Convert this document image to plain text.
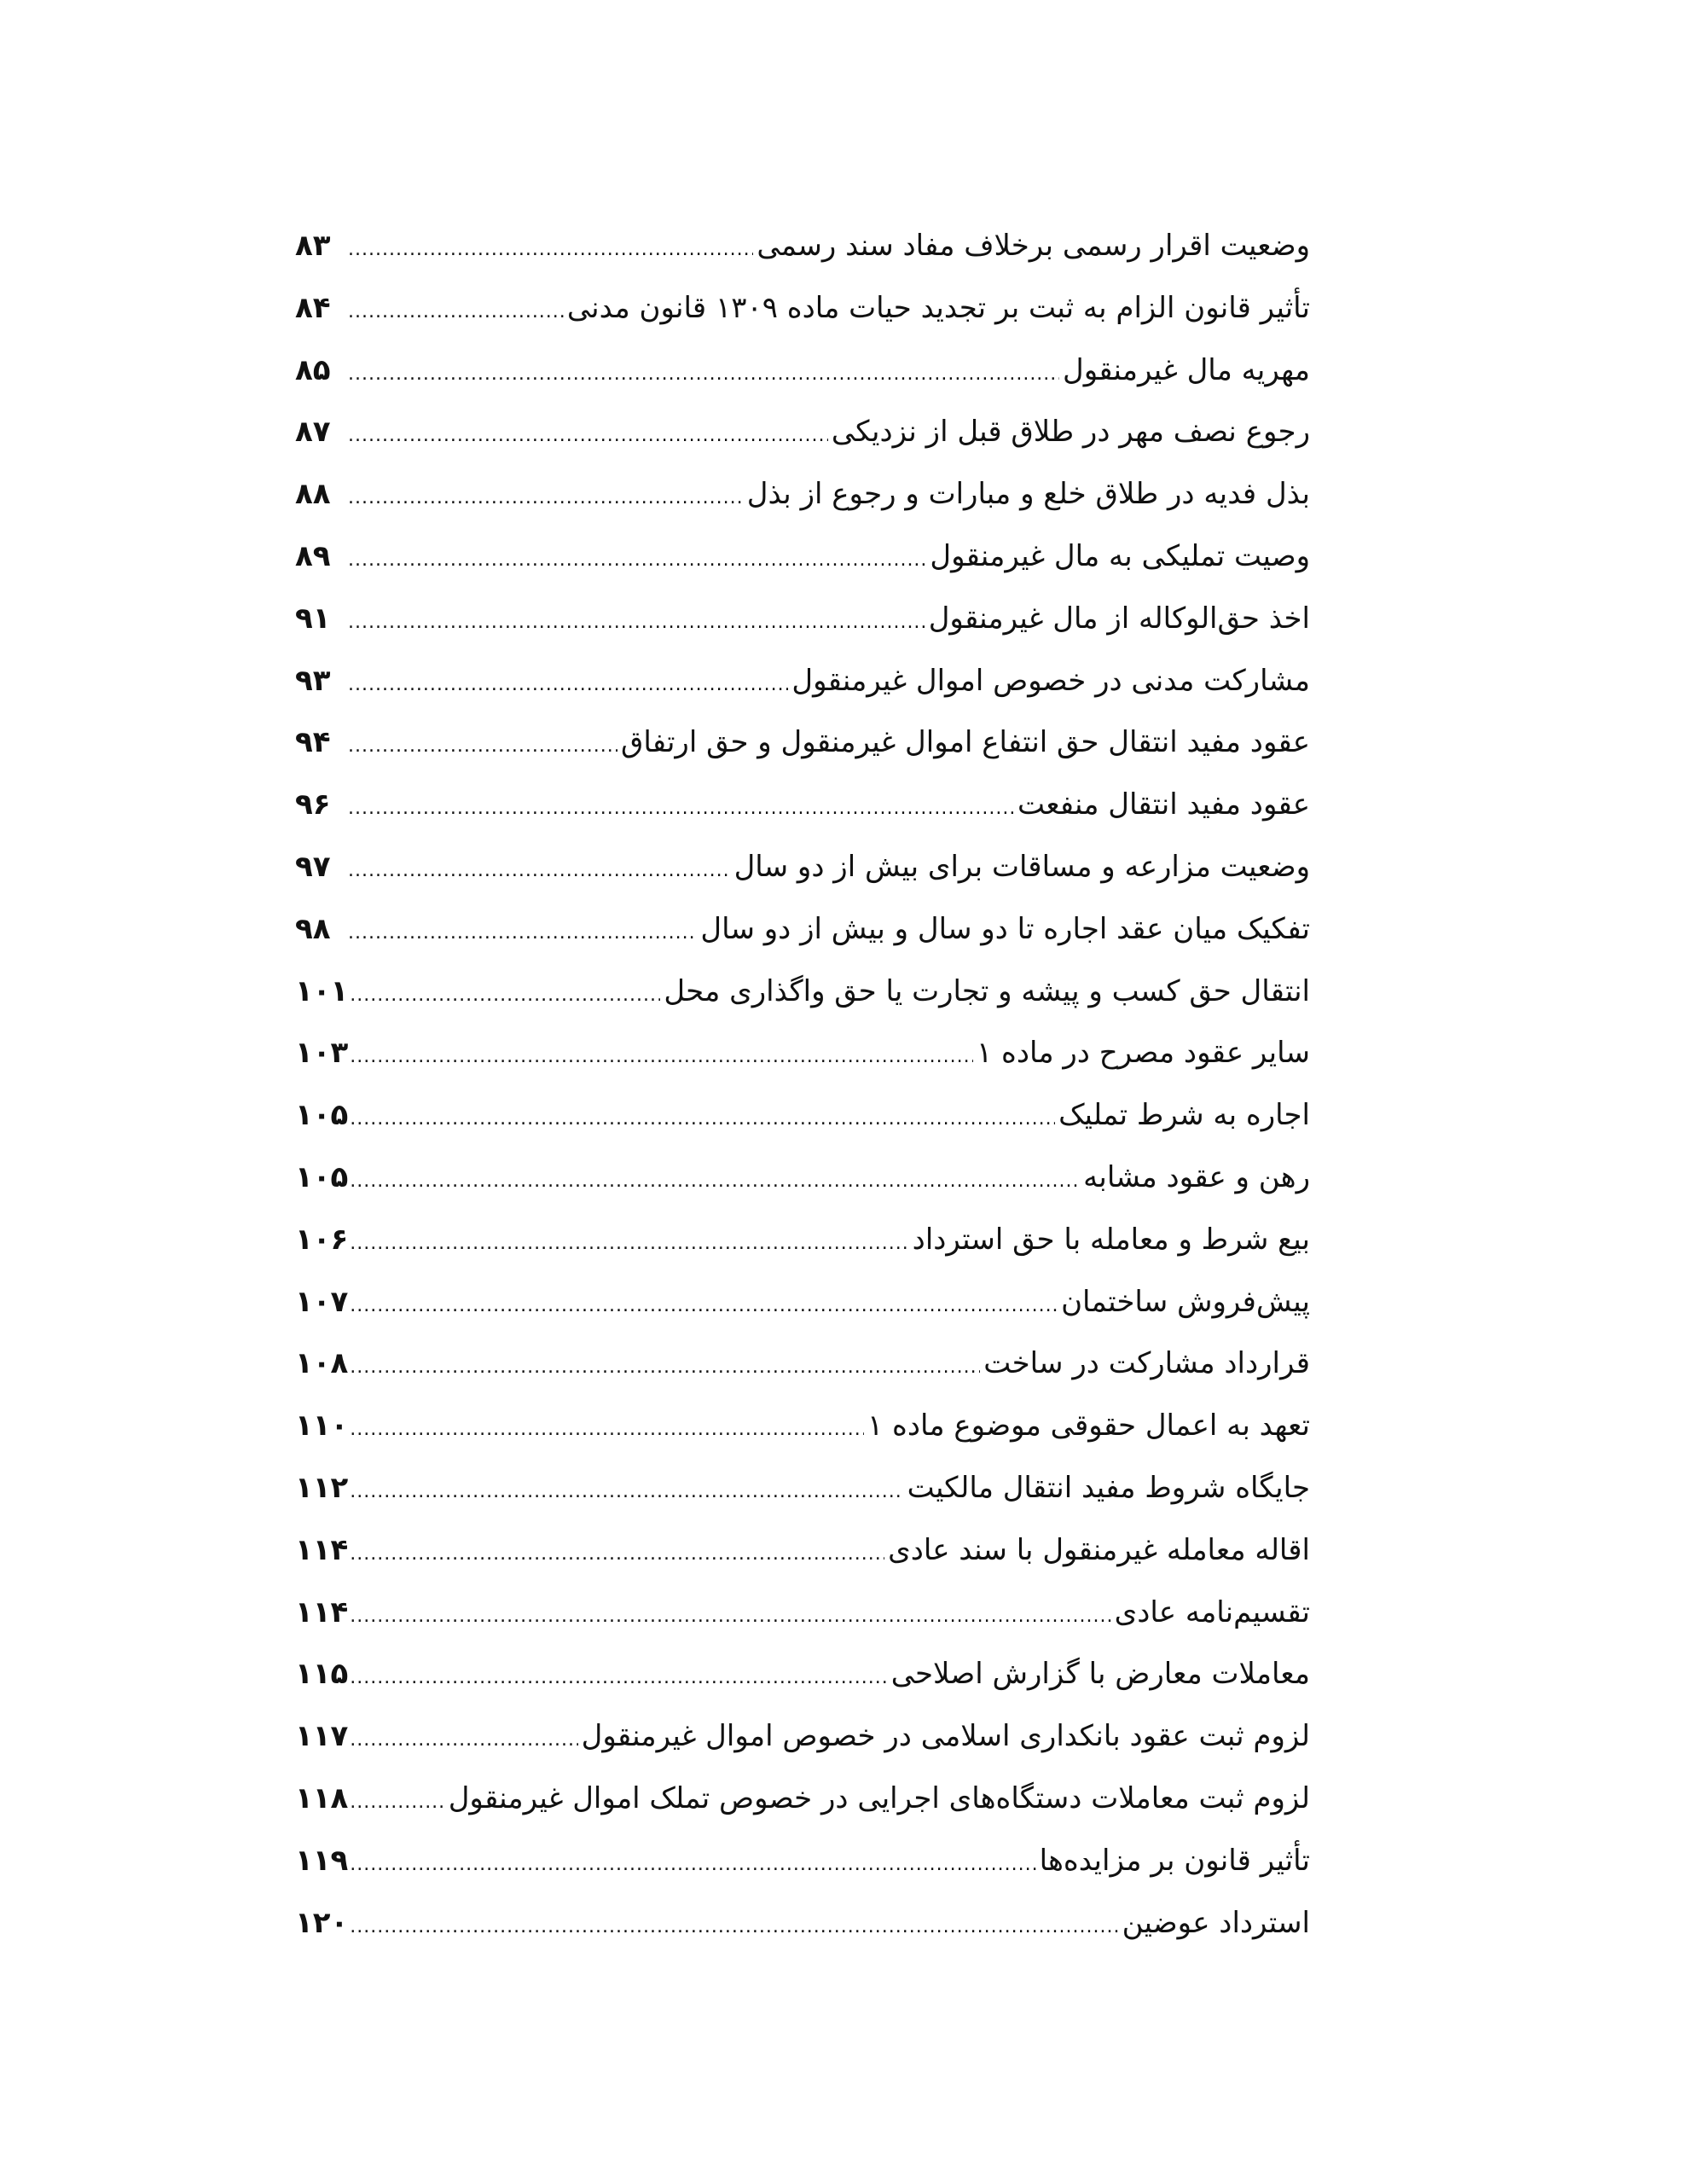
وضعیت اقرار رسمی برخلاف مفاد سند رسمی
.....
۸۳
تأثیر قانون الزام به ثبت بر تجدید حیات ماده ۱۳۰۹ قانون مدنی
.....
۸۴
مهریه مال غیرمنقول
.....
۸۵
رجوع نصف مهر در طلاق قبل از نزدیکی
.....
۸۷
بذل فدیه در طلاق خلع و مبارات و رجوع از بذل
.....
۸۸
وصیت تملیکی به مال غیرمنقول
.....
۸۹
اخذ حق‌الوکاله از مال غیرمنقول
.....
۹۱
مشارکت مدنی در خصوص اموال غیرمنقول
.....
۹۳
عقود مفید انتقال حق انتفاع اموال غیرمنقول و حق ارتفاق
.....
۹۴
عقود مفید انتقال منفعت
.....
۹۶
وضعیت مزارعه و مساقات برای بیش از دو سال
.....
۹۷
تفکیک میان عقد اجاره تا دو سال و بیش از دو سال
.....
۹۸
انتقال حق کسب و پیشه و تجارت یا حق واگذاری محل
.....
۱۰۱
سایر عقود مصرح در ماده ۱
.....
۱۰۳
اجاره به شرط تملیک
.....
۱۰۵
رهن و عقود مشابه
.....
۱۰۵
بیع شرط و معامله با حق استرداد
.....
۱۰۶
پیش‌فروش ساختمان
.....
۱۰۷
قرارداد مشارکت در ساخت
.....
۱۰۸
تعهد به اعمال حقوقی موضوع ماده ۱
.....
۱۱۰
جایگاه شروط مفید انتقال مالکیت
.....
۱۱۲
اقاله معامله غیرمنقول با سند عادی
.....
۱۱۴
تقسیم‌نامه عادی
.....
۱۱۴
معاملات معارض با گزارش اصلاحی
.....
۱۱۵
لزوم ثبت عقود بانکداری اسلامی در خصوص اموال غیرمنقول
.....
۱۱۷
لزوم ثبت معاملات دستگاه‌های اجرایی در خصوص تملک اموال غیرمنقول
.....
۱۱۸
تأثیر قانون بر مزایده‌ها
.....
۱۱۹
استرداد عوضین
.....
۱۲۰
